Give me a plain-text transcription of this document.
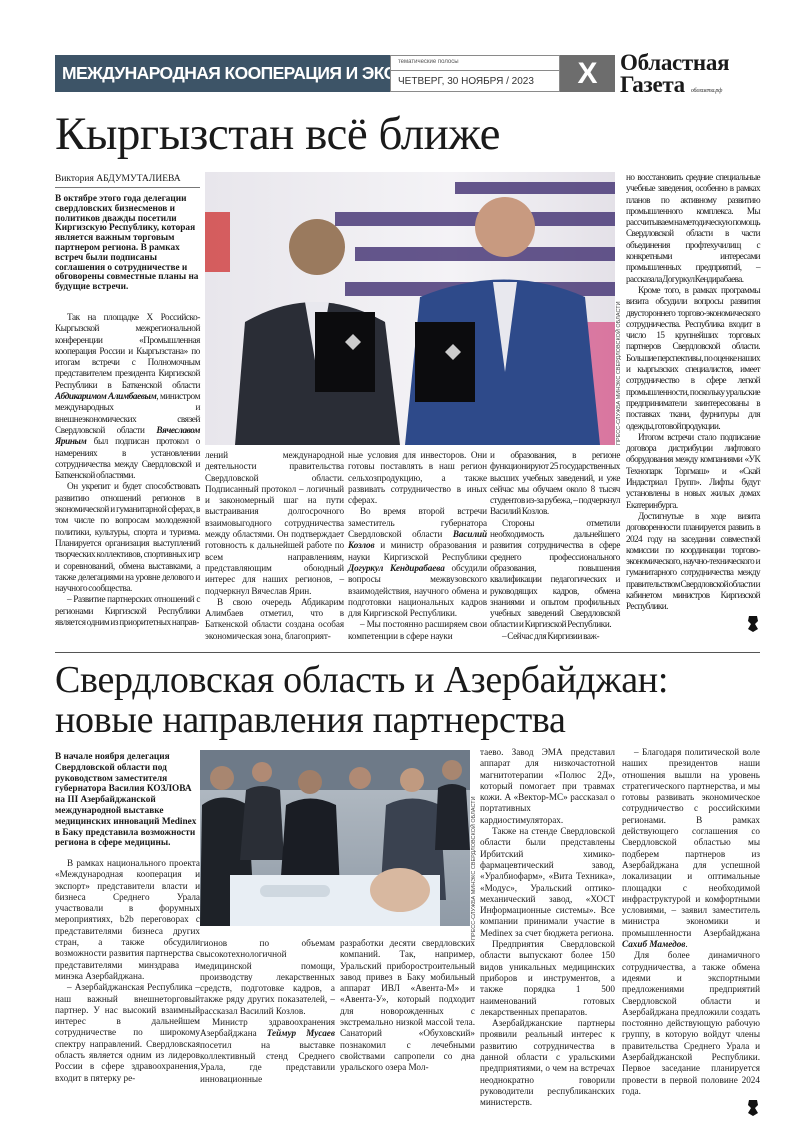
МЕЖДУНАРОДНАЯ КООПЕРАЦИЯ И ЭКСПОРТ
тематические полосы
ЧЕТВЕРГ, 30 НОЯБРЯ / 2023	X Областная
Газета облгазета.рф
Кыргызстан всё ближе
Виктория АБДУМУТАЛИЕВА
В октябре этого года делегации свердловских бизнесменов и политиков дважды посетили Киргизскую Республику, которая является важным торговым партнером региона. В рамках встреч были подписаны соглашения о сотрудничестве и обговорены совместные планы на будущие встречи.
ПРЕСС-СЛУЖБА МИНЭКС СВЕРДЛОВСКОЙ ОБЛАСТИ

Так на площадке X Российско-Кыргызской межрегиональной конференции «Промышленная кооперация России и Кыргызстана» по итогам встречи с Полномочным представителем президента Киргизской Республики в Баткенской области Абдикаримом Алимбаевым, министром международных и внешнеэкономических связей Свердловской области Вячеславом Яриным был подписан протокол о намерениях в установлении сотрудничества между Свердловской и Баткенской областями.

Он укрепит и будет способствовать развитию отношений регионов в экономической и гуманитарной сферах, в том числе по вопросам молодежной политики, культуры, спорта и туризма. Планируется организация выступлений творческих коллективов, спортивных игр и соревнований, обмена выставками, а также делегациями на уровне делового и научного сообщества.

– Развитие партнерских отношений с регионами Киргизской Республики является одним из приоритетных направ-

лений международной деятельности правительства Свердловской области. Подписанный протокол – логичный и закономерный шаг на пути выстраивания долгосрочного взаимовыгодного сотрудничества между областями. Он подтверждает готовность к дальнейшей работе по всем направлениям, представляющим обоюдный интерес для наших регионов, – подчеркнул Вячеслав Ярин.

В свою очередь Абдикарим Алимбаев отметил, что в Баткенской области создана особая экономическая зона, благоприят-

ные условия для инвесторов. Они готовы поставлять в наш регион сельхозпродукцию, а также развивать сотрудничество в иных сферах.

Во время второй встречи заместитель губернатора Свердловской области Василий Козлов и министр образования и науки Киргизской Республики Догуркул Кендирабаева обсудили вопросы межвузовского взаимодействия, научного обмена и подготовки национальных кадров для Киргизской Республики.

– Мы постоянно расширяем свои компетенции в сфере науки

и образования, в регионе функционируют 25 государственных высших учебных заведений, и уже сейчас мы обучаем около 8 тысяч студентов из-за рубежа, – подчеркнул Василий Козлов.

Стороны отметили необходимость дальнейшего развития сотрудничества в сфере среднего профессионального образования, повышения квалификации педагогических и руководящих кадров, обмена знаниями и опытом профильных учебных заведений Свердловской области и Киргизской Республики.

– Сейчас для Киргизии важ-

но восстановить средние специальные учебные заведения, особенно в рамках планов по активному развитию промышленного комплекса. Мы рассчитываем на методическую помощь Свердловской области в части объединения профтехучилищ с конкретными интересами промышленных предприятий, – рассказала Догуркул Кендирабаева.

Кроме того, в рамках программы визита обсудили вопросы развития двустороннего торгово-экономического сотрудничества. Республика входит в число 15 крупнейших торговых партнеров Свердловской области. Большие перспективы, по оценке наших и кыргызских специалистов, имеет сотрудничество в сфере легкой промышленности, поскольку уральские предприниматели заинтересованы в поставках ткани, фурнитуры для одежды, готовой продукции.

Итогом встречи стало подписание договора дистрибуции лифтового оборудования между компаниями «УК Технопарк Торгмаш» и «Скай Индастриал Групп». Лифты будут установлены в новых жилых домах Екатеринбурга.

Достигнутые в ходе визита договоренности планируется развить в 2024 году на заседании совместной комиссии по координации торгово-экономического, научно-технического и гуманитарного сотрудничества между правительством Свердловской области и кабинетом министров Киргизской Республики.

Свердловская область и Азербайджан: новые направления партнерства
В начале ноября делегация Свердловской области под руководством заместителя губернатора Василия КОЗЛОВА на III Азербайджанской международной выставке медицинских инноваций Medinex в Баку представила возможности региона в сфере медицины.	ПРЕСС-СЛУЖБА МИНЭКС СВЕРДЛОВСКОЙ ОБЛАСТИ

В рамках национального проекта «Международная кооперация и экспорт» представители власти и бизнеса Среднего Урала участвовали в форумных мероприятиях, b2b переговорах с представителями бизнеса других стран, а также обсудили возможности развития партнерства с представителями минздрава и минэка Азербайджана.

– Азербайджанская Республика – наш важный внешнеторговый партнер. У нас высокий взаимный интерес в дальнейшем сотрудничестве по широкому спектру направлений. Свердловская область является одним из лидеров России в сфере здравоохранения, входит в пятерку ре-

гионов по объемам высокотехнологичной медицинской помощи, производству лекарственных средств, подготовке кадров, а также ряду других показателей, – рассказал Василий Козлов.

Министр здравоохранения Азербайджана Теймур Мусаев посетил на выставке коллективный стенд Среднего Урала, где представили инновационные

разработки десяти свердловских компаний. Так, например, Уральский приборостроительный завод привез в Баку мобильный аппарат ИВЛ «Авента-М» и «Авента-У», который подходит для новорожденных с экстремально низкой массой тела. Санаторий «Обуховский» познакомил с лечебными свойствами сапропели со дна уральского озера Мол-

таево. Завод ЭМА представил аппарат для низкочастотной магнитотерапии «Полюс 2Д», который помогает при травмах кожи. А «Вектор-МС» рассказал о портативных кардиостимуляторах.

Также на стенде Свердловской области были представлены Ирбитский химико-фармацевтический завод, «Уралбиофарм», «Вита Техника», «Модус», Уральский оптико-механический завод, «ХОСТ Информационные системы». Все компании принимали участие в Medinex за счет бюджета региона.

Предприятия Свердловской области выпускают более 150 видов уникальных медицинских приборов и инструментов, а также порядка 1 500 наименований готовых лекарственных препаратов.

Азербайджанские партнеры проявили реальный интерес к развитию сотрудничества в данной области с уральскими предприятиями, о чем на встречах неоднократно говорили руководители республиканских министерств.

– Благодаря политической воле наших президентов наши отношения вышли на уровень стратегического партнерства, и мы готовы развивать экономическое сотрудничество с российскими регионами. В рамках действующего соглашения со Свердловской областью мы подберем партнеров из Азербайджана для успешной локализации и оптимальные площадки с необходимой инфраструктурой и комфортными условиями, – заявил заместитель министра экономики и промышленности Азербайджана Сахиб Мамедов.

Для более динамичного сотрудничества, а также обмена идеями и экспортными предложениями предприятий Свердловской области и Азербайджана предложили создать постоянно действующую рабочую группу, в которую войдут члены правительства Среднего Урала и Азербайджанской Республики. Первое заседание планируется провести в первой половине 2024 года.
